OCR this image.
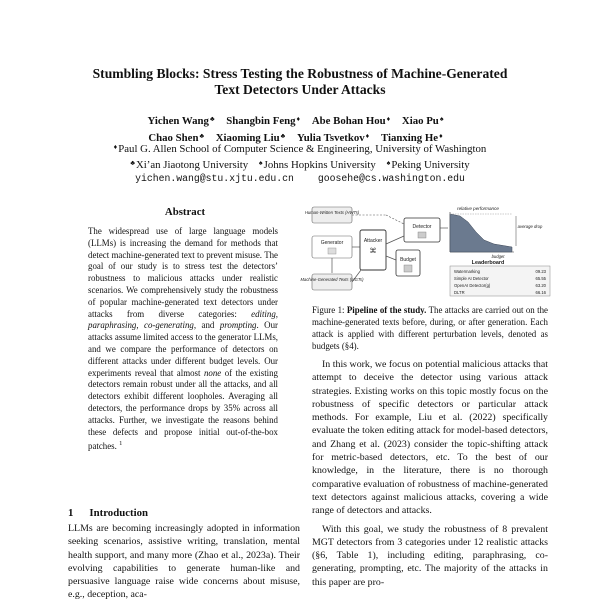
Stumbling Blocks: Stress Testing the Robustness of Machine-Generated
Text Detectors Under Attacks
Yichen Wang♣ Shangbin Feng♦ Abe Bohan Hou♦ Xiao Pu♠
Chao Shen♣ Xiaoming Liu♣ Yulia Tsvetkov♦ Tianxing He♦
♦Paul G. Allen School of Computer Science & Engineering, University of Washington
♣Xi’an Jiaotong University ♠Johns Hopkins University ♠Peking University
yichen.wang@stu.xjtu.edu.cn goosehe@cs.washington.edu
Abstract
The widespread use of large language models (LLMs) is increasing the demand for methods that detect machine-generated text to prevent misuse. The goal of our study is to stress test the detectors’ robustness to malicious attacks under realistic scenarios. We comprehensively study the robustness of popular machine-generated text detectors under attacks from diverse categories: editing, paraphrasing, co-generating, and prompting. Our attacks assume limited access to the generator LLMs, and we compare the performance of detectors on different attacks under different budget levels. Our experiments reveal that almost none of the existing detectors remain robust under all the attacks, and all detectors exhibit different loopholes. Averaging all detectors, the performance drops by 35% across all attacks. Further, we investigate the reasons behind these defects and propose initial out-of-the-box patches. $^1$
1 Introduction
LLMs are becoming increasingly adopted in information seeking scenarios, assistive writing, translation, mental health support, and many more (Zhao et al., 2023a). Their evolving capabilities to generate human-like and persuasive language raise wide concerns about misuse, e.g., deception, aca-
Human-Written Texts (HWTs)
Generator
Machine-Generated Texts (MGTs)
Attacker
⌘
Detector
Budget
relative performance
average drop
budget
Leaderboard
Watermarking	09.23
Simple AI Detector	65.55
OpenAI Detector(g)	63.20
DLTR	66.16
Figure 1: Pipeline of the study. The attacks are carried out on the machine-generated texts before, during, or after generation. Each attack is applied with different perturbation levels, denoted as budgets (§4).

In this work, we focus on potential malicious attacks that attempt to deceive the detector using various attack strategies. Existing works on this topic mostly focus on the robustness of specific detectors or particular attack methods. For example, Liu et al. (2022) specifically evaluate the token editing attack for model-based detectors, and Zhang et al. (2023) consider the topic-shifting attack for metric-based detectors, etc. To the best of our knowledge, in the literature, there is no thorough comparative evaluation of robustness of machine-generated text detectors against malicious attacks, covering a wide range of detectors and attacks.

With this goal, we study the robustness of 8 prevalent MGT detectors from 3 categories under 12 realistic attacks (§6, Table 1), including editing, paraphrasing, co-generating, prompting, etc. The majority of the attacks in this paper are pro-
